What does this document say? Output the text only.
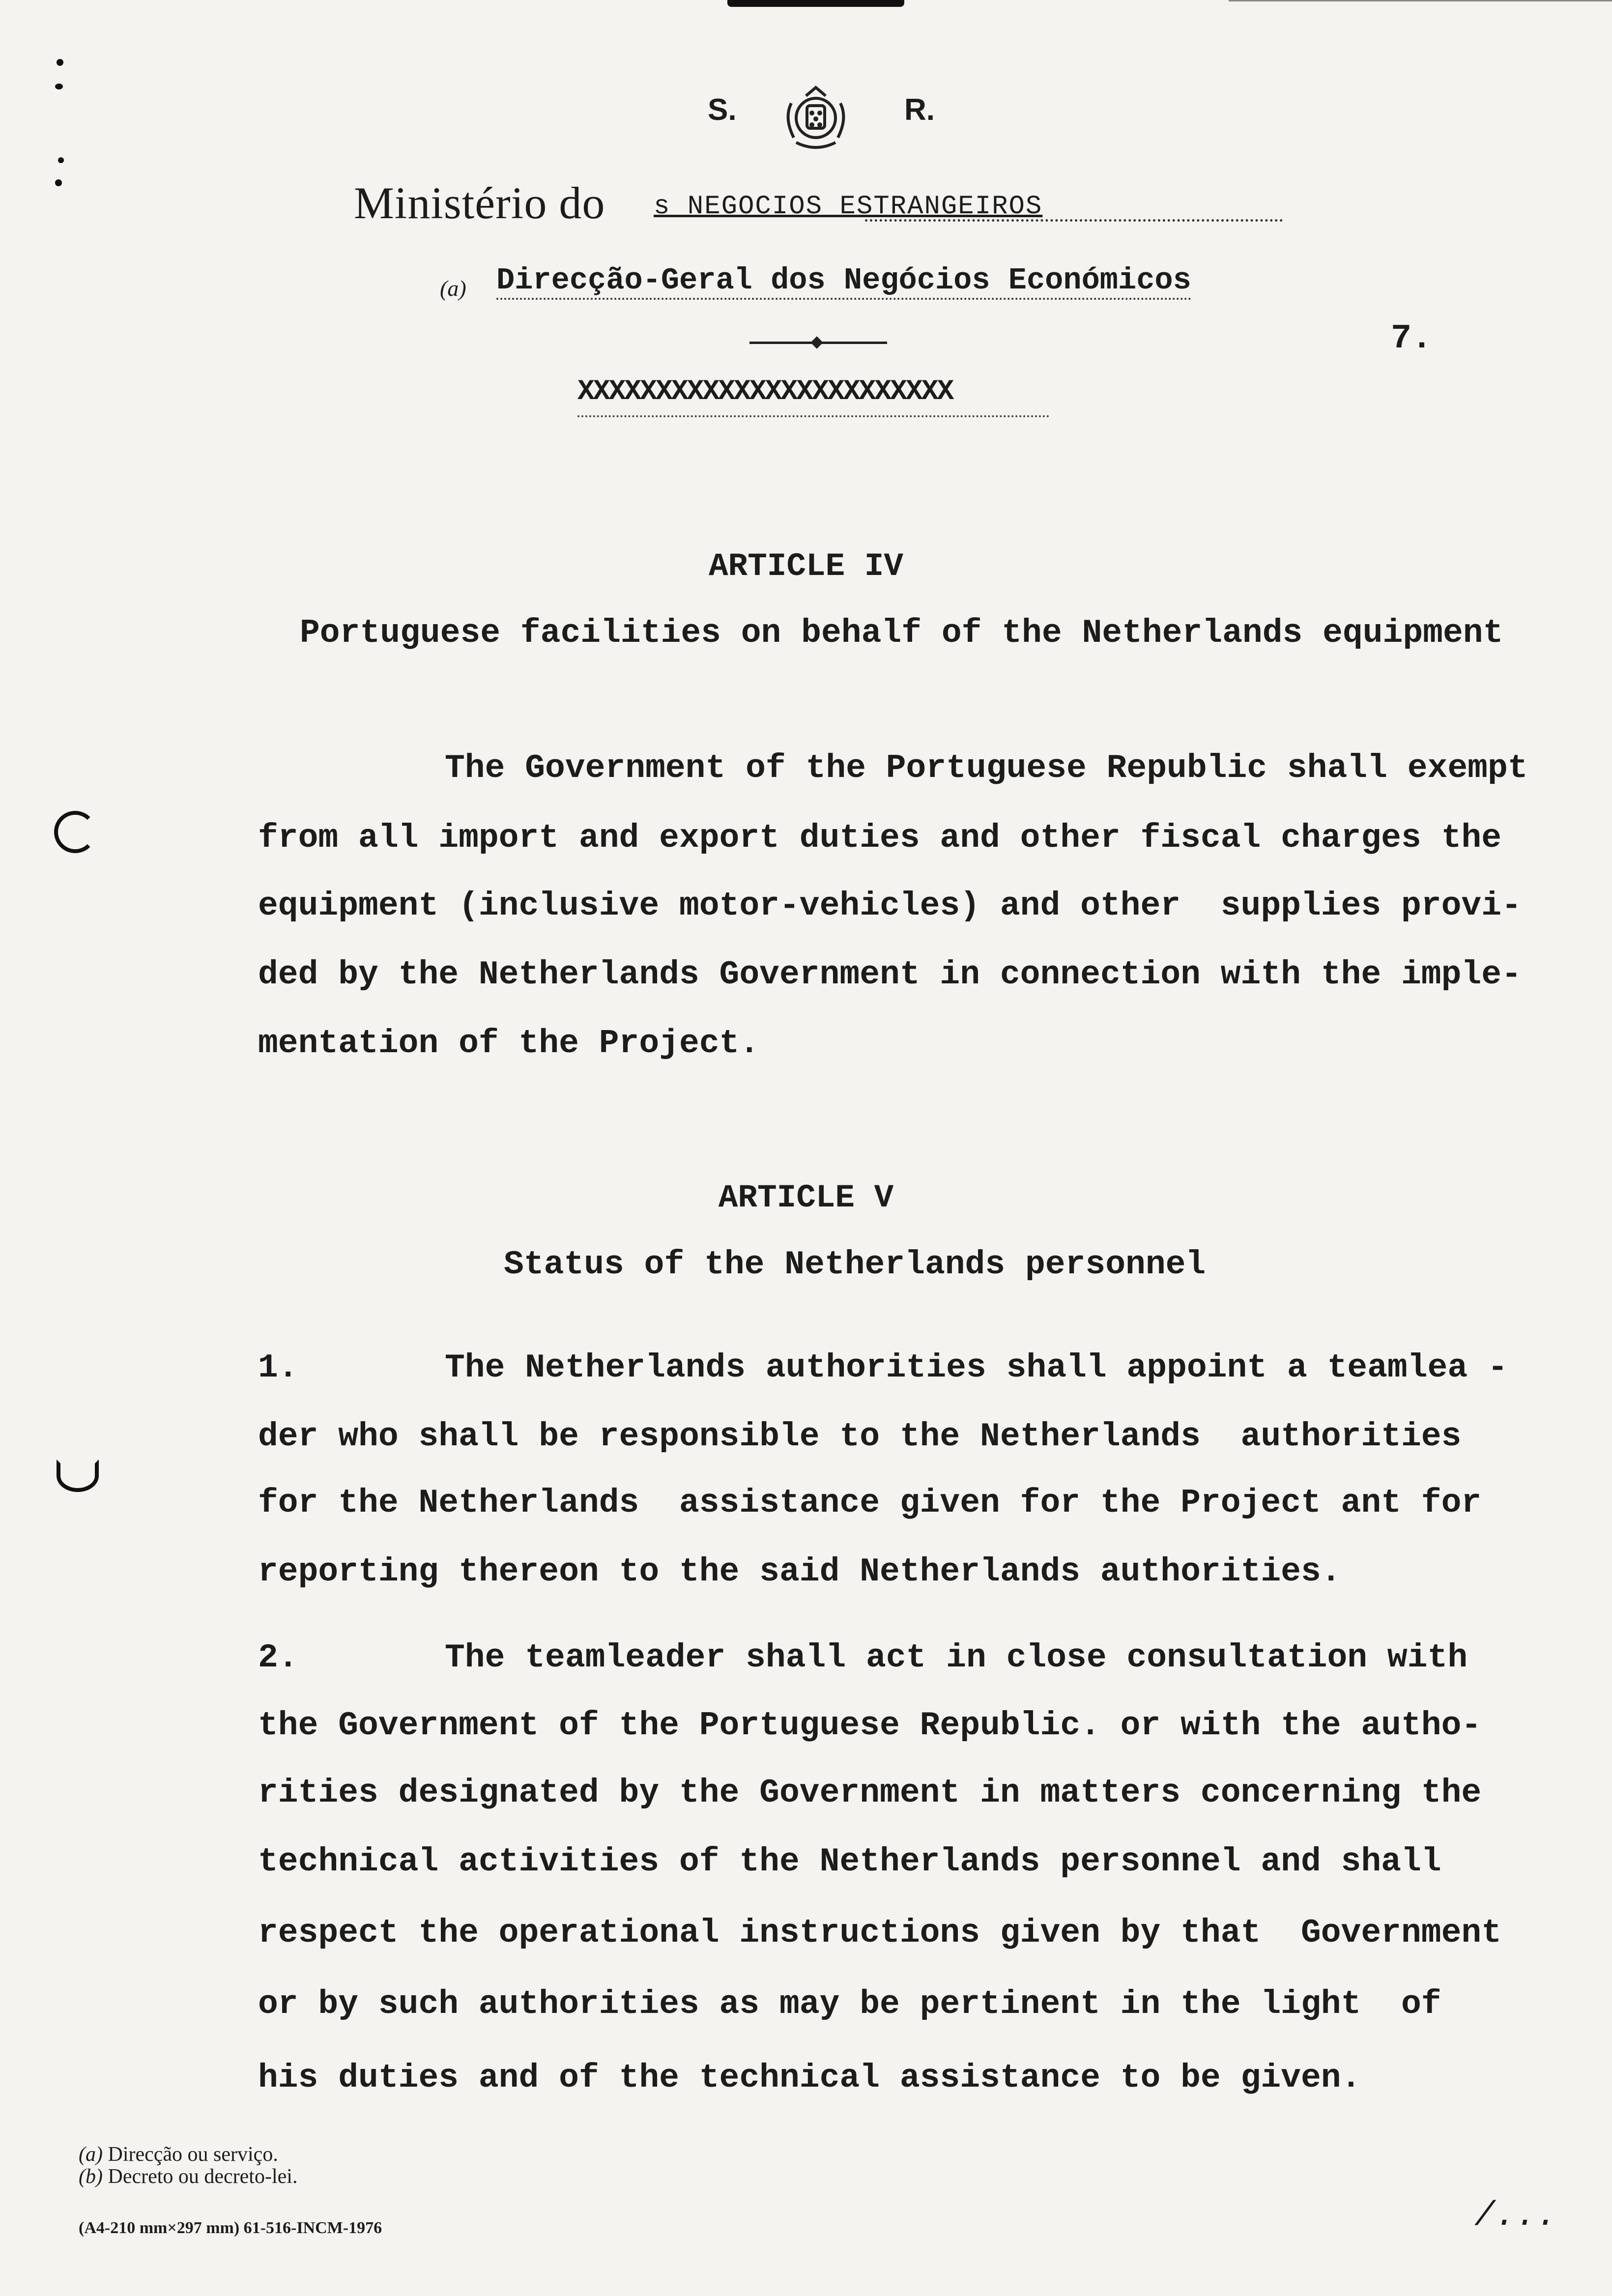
S.	R.
Ministério do s NEGOCIOS ESTRANGEIROS
(a) Direcção-Geral dos Negócios Económicos
7.
XXXXXXXXXXXXXXXXXXXXXXXX
ARTICLE IV
Portuguese facilities on behalf of the Netherlands equipment
The Government of the Portuguese Republic shall exempt
from all import and export duties and other fiscal charges the
equipment (inclusive motor-vehicles) and other  supplies provi-
ded by the Netherlands Government in connection with the imple-
mentation of the Project.
ARTICLE V
Status of the Netherlands personnel
1.	The Netherlands authorities shall appoint a teamlea -
der who shall be responsible to the Netherlands  authorities
for the Netherlands  assistance given for the Project ant for
reporting thereon to the said Netherlands authorities.
2.	The teamleader shall act in close consultation with
the Government of the Portuguese Republic. or with the autho-
rities designated by the Government in matters concerning the
technical activities of the Netherlands personnel and shall
respect the operational instructions given by that  Government
or by such authorities as may be pertinent in the light  of
his duties and of the technical assistance to be given.
(a) Direcção ou serviço.
(b) Decreto ou decreto-lei.
(A4-210 mm×297 mm) 61-516-INCM-1976	/...
